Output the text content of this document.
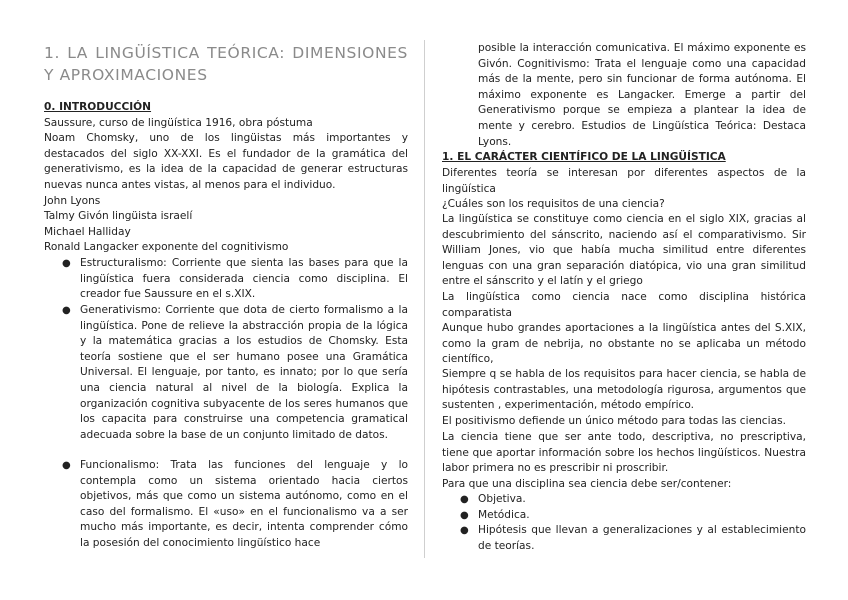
1. LA LINGÜÍSTICA TEÓRICA: DIMENSIONES Y APROXIMACIONES
0. INTRODUCCIÓN

Saussure, curso de lingüística 1916, obra póstuma

Noam Chomsky, uno de los lingüistas más importantes y destacados del siglo XX-XXI. Es el fundador de la gramática del generativismo, es la idea de la capacidad de generar estructuras nuevas nunca antes vistas, al menos para el individuo.

John Lyons

Talmy Givón lingüista israelí

Michael Halliday

Ronald Langacker exponente del cognitivismo

● Estructuralismo: Corriente que sienta las bases para que la lingüística fuera considerada ciencia como disciplina. El creador fue Saussure en el s.XIX.

● Generativismo: Corriente que dota de cierto formalismo a la lingüística. Pone de relieve la abstracción propia de la lógica y la matemática gracias a los estudios de Chomsky. Esta teoría sostiene que el ser humano posee una Gramática Universal. El lenguaje, por tanto, es innato; por lo que sería una ciencia natural al nivel de la biología. Explica la organización cognitiva subyacente de los seres humanos que los capacita para construirse una competencia gramatical adecuada sobre la base de un conjunto limitado de datos.

● Funcionalismo: Trata las funciones del lenguaje y lo contempla como un sistema orientado hacia ciertos objetivos, más que como un sistema autónomo, como en el caso del formalismo. El «uso» en el funcionalismo va a ser mucho más importante, es decir, intenta comprender cómo la posesión del conocimiento lingüístico hace

posible la interacción comunicativa. El máximo exponente es Givón. Cognitivismo: Trata el lenguaje como una capacidad más de la mente, pero sin funcionar de forma autónoma. El máximo exponente es Langacker. Emerge a partir del Generativismo porque se empieza a plantear la idea de mente y cerebro. Estudios de Lingüística Teórica: Destaca Lyons.

1. EL CARÁCTER CIENTÍFICO DE LA LINGÜÍSTICA

Diferentes teoría se interesan por diferentes aspectos de la lingüística

¿Cuáles son los requisitos de una ciencia?

La lingüística se constituye como ciencia en el siglo XIX, gracias al descubrimiento del sánscrito, naciendo así el comparativismo. Sir William Jones, vio que había mucha similitud entre diferentes lenguas con una gran separación diatópica, vio una gran similitud entre el sánscrito y el latín y el griego

La lingüística como ciencia nace como disciplina histórica comparatista

Aunque hubo grandes aportaciones a la lingüística antes del S.XIX, como la gram de nebrija, no obstante no se aplicaba un método científico,

Siempre q se habla de los requisitos para hacer ciencia, se habla de hipótesis contrastables, una metodología rigurosa, argumentos que sustenten , experimentación, método empírico.

El positivismo defiende un único método para todas las ciencias.

La ciencia tiene que ser ante todo, descriptiva, no prescriptiva, tiene que aportar información sobre los hechos lingüísticos. Nuestra labor primera no es prescribir ni proscribir.

Para que una disciplina sea ciencia debe ser/contener:

● Objetiva.

● Metódica.

● Hipótesis que llevan a generalizaciones y al establecimiento de teorías.
